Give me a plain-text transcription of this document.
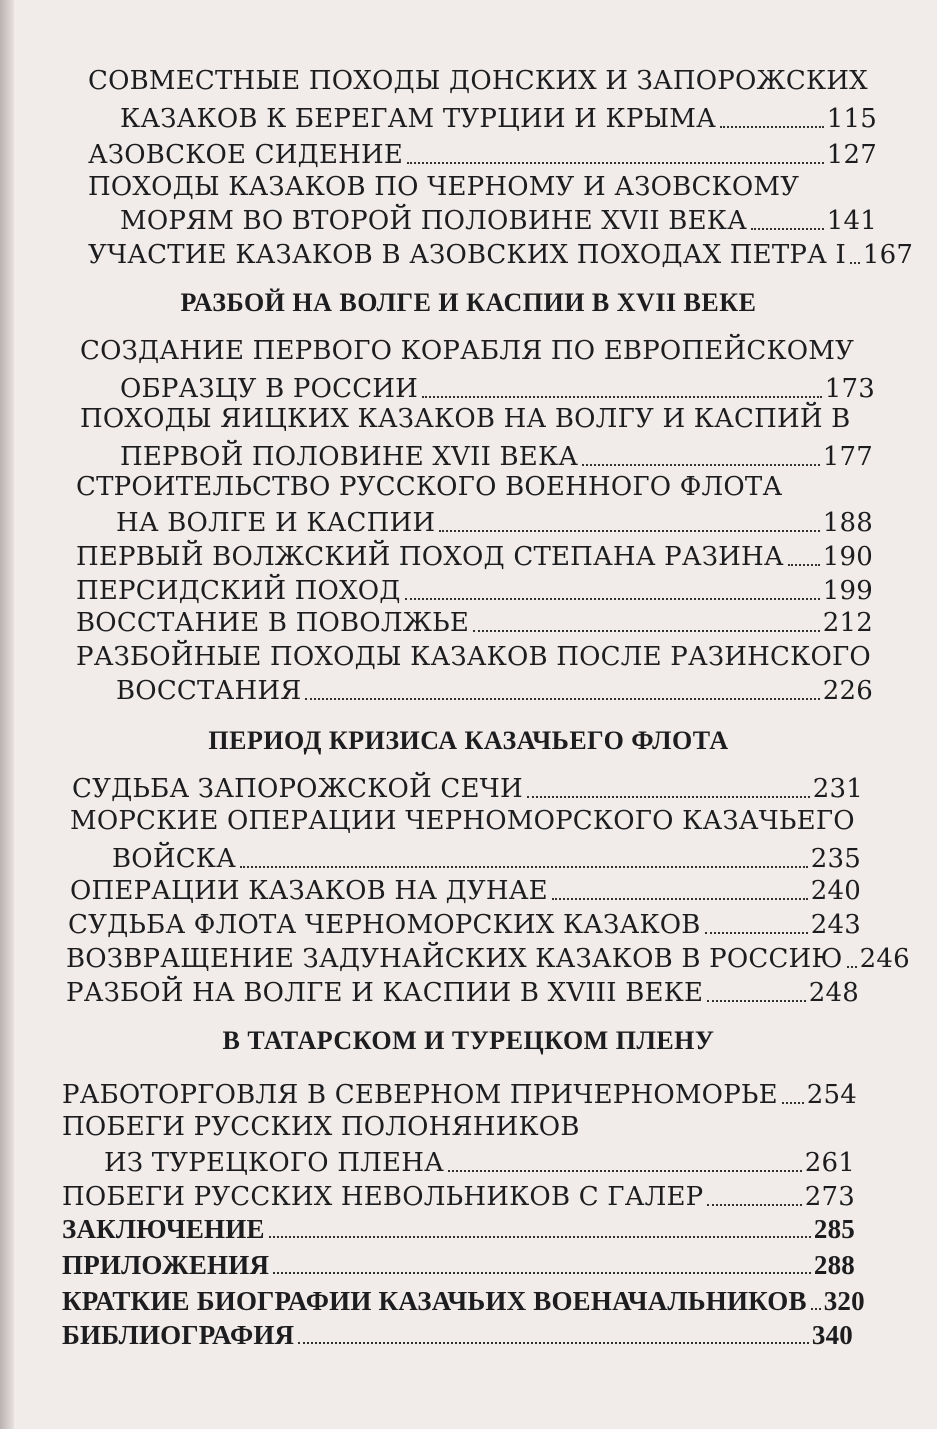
СОВМЕСТНЫЕ ПОХОДЫ ДОНСКИХ И ЗАПОРОЖСКИХ
КАЗАКОВ К БЕРЕГАМ ТУРЦИИ И КРЫМА	115
АЗОВСКОЕ СИДЕНИЕ	127
ПОХОДЫ КАЗАКОВ ПО ЧЕРНОМУ И АЗОВСКОМУ
МОРЯМ ВО ВТОРОЙ ПОЛОВИНЕ XVII ВЕКА	141
УЧАСТИЕ КАЗАКОВ В АЗОВСКИХ ПОХОДАХ ПЕТРА I 167
РАЗБОЙ НА ВОЛГЕ И КАСПИИ В XVII ВЕКЕ
СОЗДАНИЕ ПЕРВОГО КОРАБЛЯ ПО ЕВРОПЕЙСКОМУ
ОБРАЗЦУ В РОССИИ	173
ПОХОДЫ ЯИЦКИХ КАЗАКОВ НА ВОЛГУ И КАСПИЙ В
ПЕРВОЙ ПОЛОВИНЕ XVII ВЕКА	177
СТРОИТЕЛЬСТВО РУССКОГО ВОЕННОГО ФЛОТА
НА ВОЛГЕ И КАСПИИ	188
ПЕРВЫЙ ВОЛЖСКИЙ ПОХОД СТЕПАНА РАЗИНА 190
ПЕРСИДСКИЙ ПОХОД	199
ВОССТАНИЕ В ПОВОЛЖЬЕ	212
РАЗБОЙНЫЕ ПОХОДЫ КАЗАКОВ ПОСЛЕ РАЗИНСКОГО
ВОССТАНИЯ	226
ПЕРИОД КРИЗИСА КАЗАЧЬЕГО ФЛОТА
СУДЬБА ЗАПОРОЖСКОЙ СЕЧИ	231
МОРСКИЕ ОПЕРАЦИИ ЧЕРНОМОРСКОГО КАЗАЧЬЕГО
ВОЙСКА	235
ОПЕРАЦИИ КАЗАКОВ НА ДУНАЕ	240
СУДЬБА ФЛОТА ЧЕРНОМОРСКИХ КАЗАКОВ	243
ВОЗВРАЩЕНИЕ ЗАДУНАЙСКИХ КАЗАКОВ В РОССИЮ 246
РАЗБОЙ НА ВОЛГЕ И КАСПИИ В XVIII ВЕКЕ	248
В ТАТАРСКОМ И ТУРЕЦКОМ ПЛЕНУ
РАБОТОРГОВЛЯ В СЕВЕРНОМ ПРИЧЕРНОМОРЬЕ 254
ПОБЕГИ РУССКИХ ПОЛОНЯНИКОВ
ИЗ ТУРЕЦКОГО ПЛЕНА	261
ПОБЕГИ РУССКИХ НЕВОЛЬНИКОВ С ГАЛЕР	273
ЗАКЛЮЧЕНИЕ	285
ПРИЛОЖЕНИЯ	288
КРАТКИЕ БИОГРАФИИ КАЗАЧЬИХ ВОЕНАЧАЛЬНИКОВ 320
БИБЛИОГРАФИЯ	340
